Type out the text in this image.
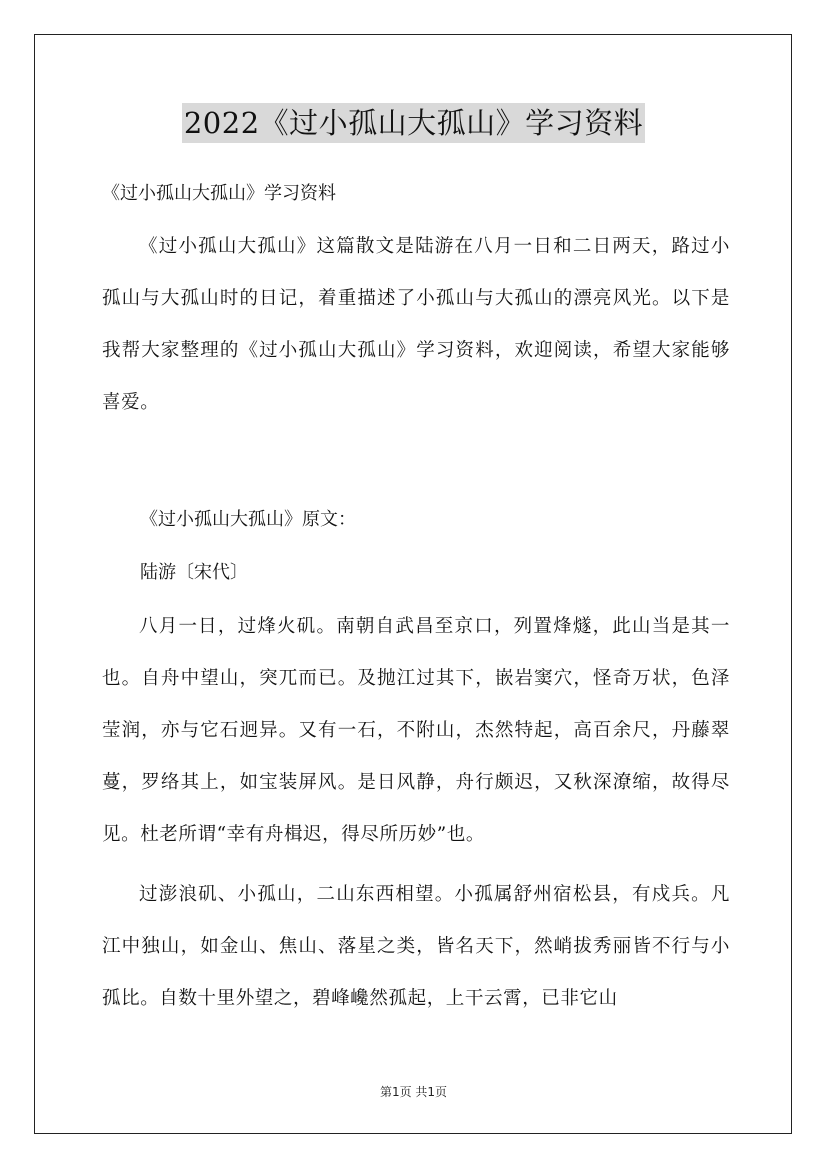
2022《过小孤山大孤山》学习资料

《过小孤山大孤山》学习资料

《过小孤山大孤山》这篇散文是陆游在八月一日和二日两天，路过小孤山与大孤山时的日记，着重描述了小孤山与大孤山的漂亮风光。以下是我帮大家整理的《过小孤山大孤山》学习资料，欢迎阅读，希望大家能够喜爱。

《过小孤山大孤山》原文：

陆游〔宋代〕

八月一日，过烽火矶。南朝自武昌至京口，列置烽燧，此山当是其一也。自舟中望山，突兀而已。及抛江过其下，嵌岩窦穴，怪奇万状，色泽莹润，亦与它石迥异。又有一石，不附山，杰然特起，高百余尺，丹藤翠蔓，罗络其上，如宝装屏风。是日风静，舟行颇迟，又秋深潦缩，故得尽见。杜老所谓“幸有舟楫迟，得尽所历妙”也。

过澎浪矶、小孤山，二山东西相望。小孤属舒州宿松县，有戍兵。凡江中独山，如金山、焦山、落星之类，皆名天下，然峭拔秀丽皆不行与小孤比。自数十里外望之，碧峰巉然孤起，上干云霄，已非它山

第1页 共1页
